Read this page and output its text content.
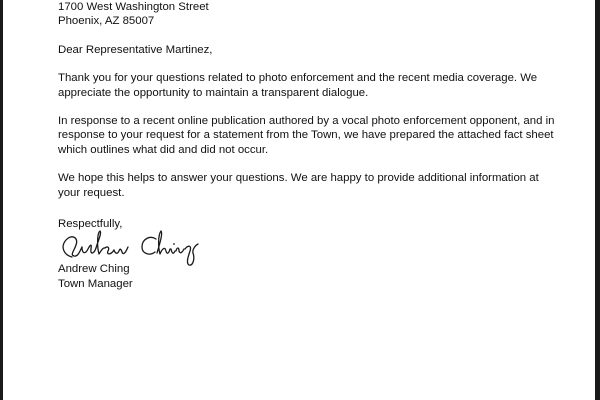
1700 West Washington Street
Phoenix, AZ 85007
Dear Representative Martinez,

Thank you for your questions related to photo enforcement and the recent media coverage. We appreciate the opportunity to maintain a transparent dialogue.

In response to a recent online publication authored by a vocal photo enforcement opponent, and in response to your request for a statement from the Town, we have prepared the attached fact sheet which outlines what did and did not occur.

We hope this helps to answer your questions. We are happy to provide additional information at your request.

Respectfully,
Andrew Ching
Town Manager
